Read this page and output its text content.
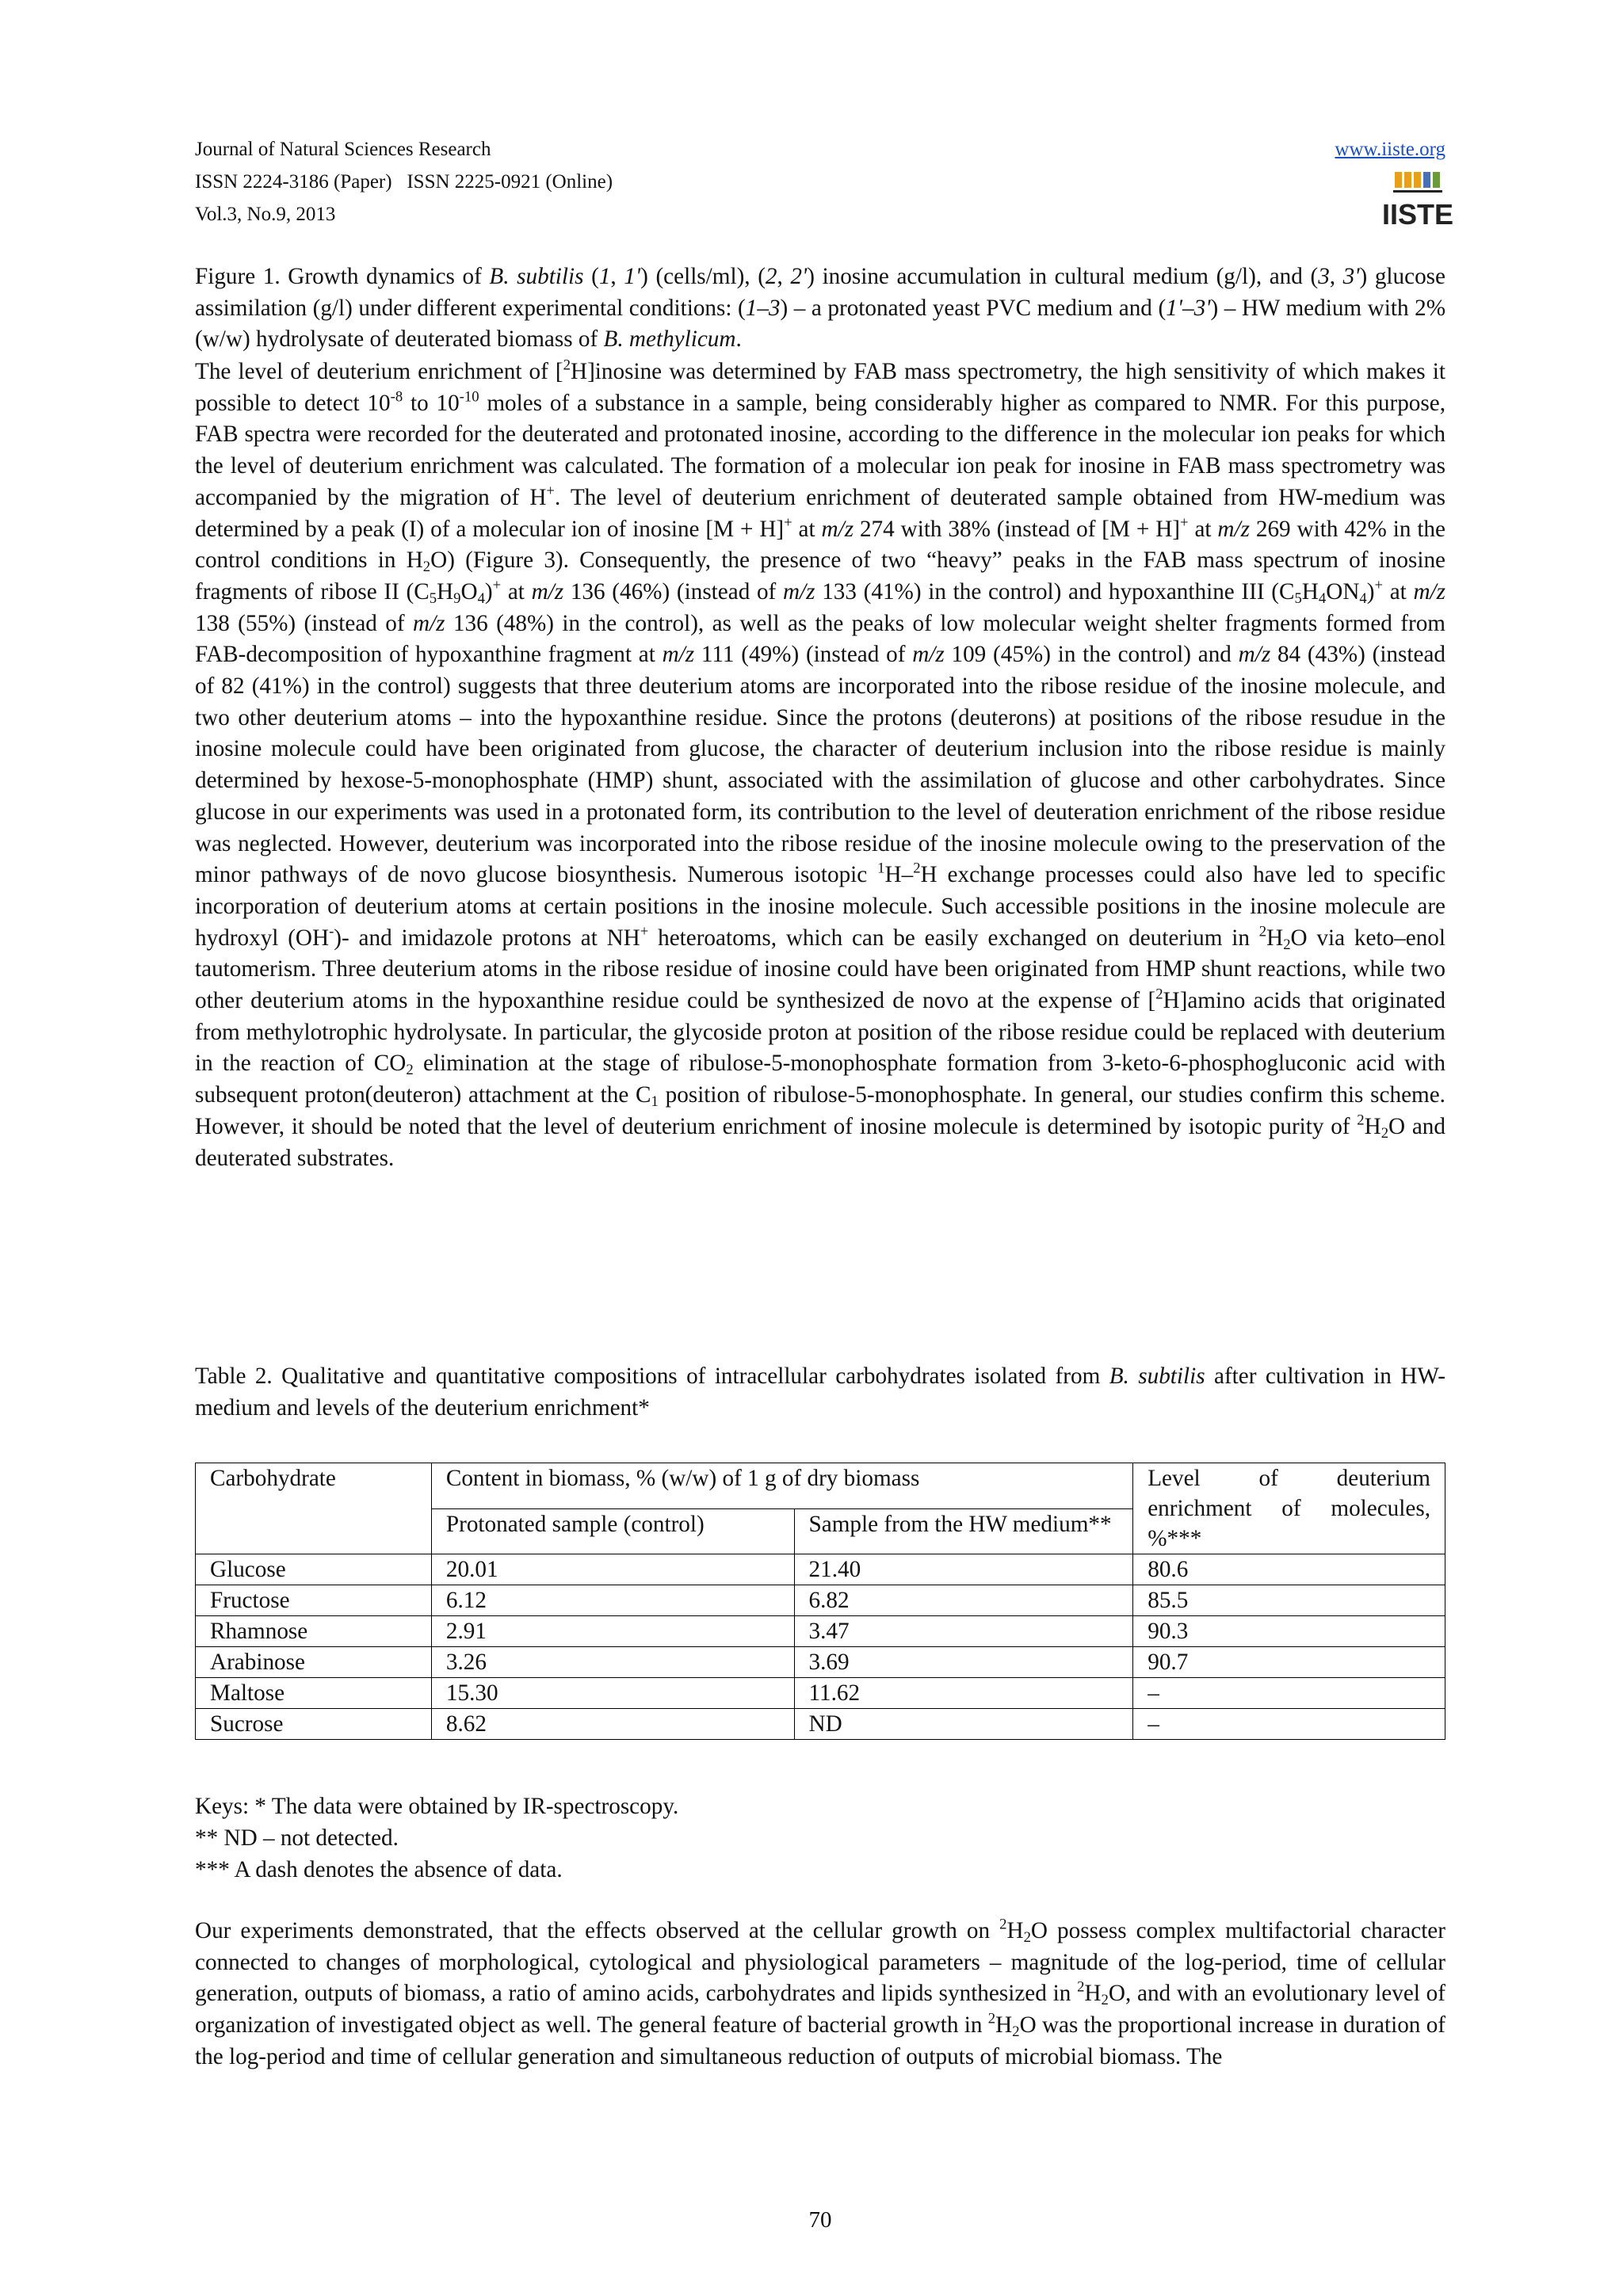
Journal of Natural Sciences Research
ISSN 2224-3186 (Paper)   ISSN 2225-0921 (Online)
Vol.3, No.9, 2013
www.iiste.org
IISTE
Figure 1. Growth dynamics of B. subtilis (1, 1') (cells/ml), (2, 2') inosine accumulation in cultural medium (g/l), and (3, 3') glucose assimilation (g/l) under different experimental conditions: (1–3) – a protonated yeast PVC medium and (1'–3') – HW medium with 2% (w/w) hydrolysate of deuterated biomass of B. methylicum.
The level of deuterium enrichment of [$^2$H]inosine was determined by FAB mass spectrometry, the high sensitivity of which makes it possible to detect $10^{-8}$ to $10^{-10}$ moles of a substance in a sample, being considerably higher as compared to NMR. For this purpose, FAB spectra were recorded for the deuterated and protonated inosine, according to the difference in the molecular ion peaks for which the level of deuterium enrichment was calculated. The formation of a molecular ion peak for inosine in FAB mass spectrometry was accompanied by the migration of H+. The level of deuterium enrichment of deuterated sample obtained from HW-medium was determined by a peak (I) of a molecular ion of inosine [M + H]+ at m/z 274 with 38% (instead of [M + H]+ at m/z 269 with 42% in the control conditions in $H_2O$) (Figure 3). Consequently, the presence of two “heavy” peaks in the FAB mass spectrum of inosine fragments of ribose II $(C_5H_9O_4)^+$ at m/z 136 (46%) (instead of m/z 133 (41%) in the control) and hypoxanthine III $(C_5H_4ON_4)^+$ at m/z 138 (55%) (instead of m/z 136 (48%) in the control), as well as the peaks of low molecular weight shelter fragments formed from FAB-decomposition of hypoxanthine fragment at m/z 111 (49%) (instead of m/z 109 (45%) in the control) and m/z 84 (43%) (instead of 82 (41%) in the control) suggests that three deuterium atoms are incorporated into the ribose residue of the inosine molecule, and two other deuterium atoms – into the hypoxanthine residue. Since the protons (deuterons) at positions of the ribose resudue in the inosine molecule could have been originated from glucose, the character of deuterium inclusion into the ribose residue is mainly determined by hexose-5-monophosphate (HMP) shunt, associated with the assimilation of glucose and other carbohydrates. Since glucose in our experiments was used in a protonated form, its contribution to the level of deuteration enrichment of the ribose residue was neglected. However, deuterium was incorporated into the ribose residue of the inosine molecule owing to the preservation of the minor pathways of de novo glucose biosynthesis. Numerous isotopic $^1$H–$^2$H exchange processes could also have led to specific incorporation of deuterium atoms at certain positions in the inosine molecule. Such accessible positions in the inosine molecule are hydroxyl (OH-)- and imidazole protons at NH+ heteroatoms, which can be easily exchanged on deuterium in $^2H_2O$ via keto–enol tautomerism. Three deuterium atoms in the ribose residue of inosine could have been originated from HMP shunt reactions, while two other deuterium atoms in the hypoxanthine residue could be synthesized de novo at the expense of [$^2$H]amino acids that originated from methylotrophic hydrolysate. In particular, the glycoside proton at position of the ribose residue could be replaced with deuterium in the reaction of $CO_2$ elimination at the stage of ribulose-5-monophosphate formation from 3-keto-6-phosphogluconic acid with subsequent proton(deuteron) attachment at the $C_1$ position of ribulose-5-monophosphate. In general, our studies confirm this scheme. However, it should be noted that the level of deuterium enrichment of inosine molecule is determined by isotopic purity of $^2H_2O$ and deuterated substrates.
Table 2. Qualitative and quantitative compositions of intracellular carbohydrates isolated from B. subtilis after cultivation in HW-medium and levels of the deuterium enrichment*
Carbohydrate	Content in biomass, % (w/w) of 1 g of dry biomass		Level of deuterium enrichment of molecules, %***
	Protonated sample (control)	Sample from the HW medium**	
Glucose	20.01	21.40	80.6
Fructose	6.12	6.82	85.5
Rhamnose	2.91	3.47	90.3
Arabinose	3.26	3.69	90.7
Maltose	15.30	11.62	–
Sucrose	8.62	ND	–
Keys: * The data were obtained by IR-spectroscopy.
** ND – not detected.
*** A dash denotes the absence of data.
Our experiments demonstrated, that the effects observed at the cellular growth on $^2H_2O$ possess complex multifactorial character connected to changes of morphological, cytological and physiological parameters – magnitude of the log-period, time of cellular generation, outputs of biomass, a ratio of amino acids, carbohydrates and lipids synthesized in $^2H_2O$, and with an evolutionary level of organization of investigated object as well. The general feature of bacterial growth in $^2H_2O$ was the proportional increase in duration of the log-period and time of cellular generation and simultaneous reduction of outputs of microbial biomass. The
70
